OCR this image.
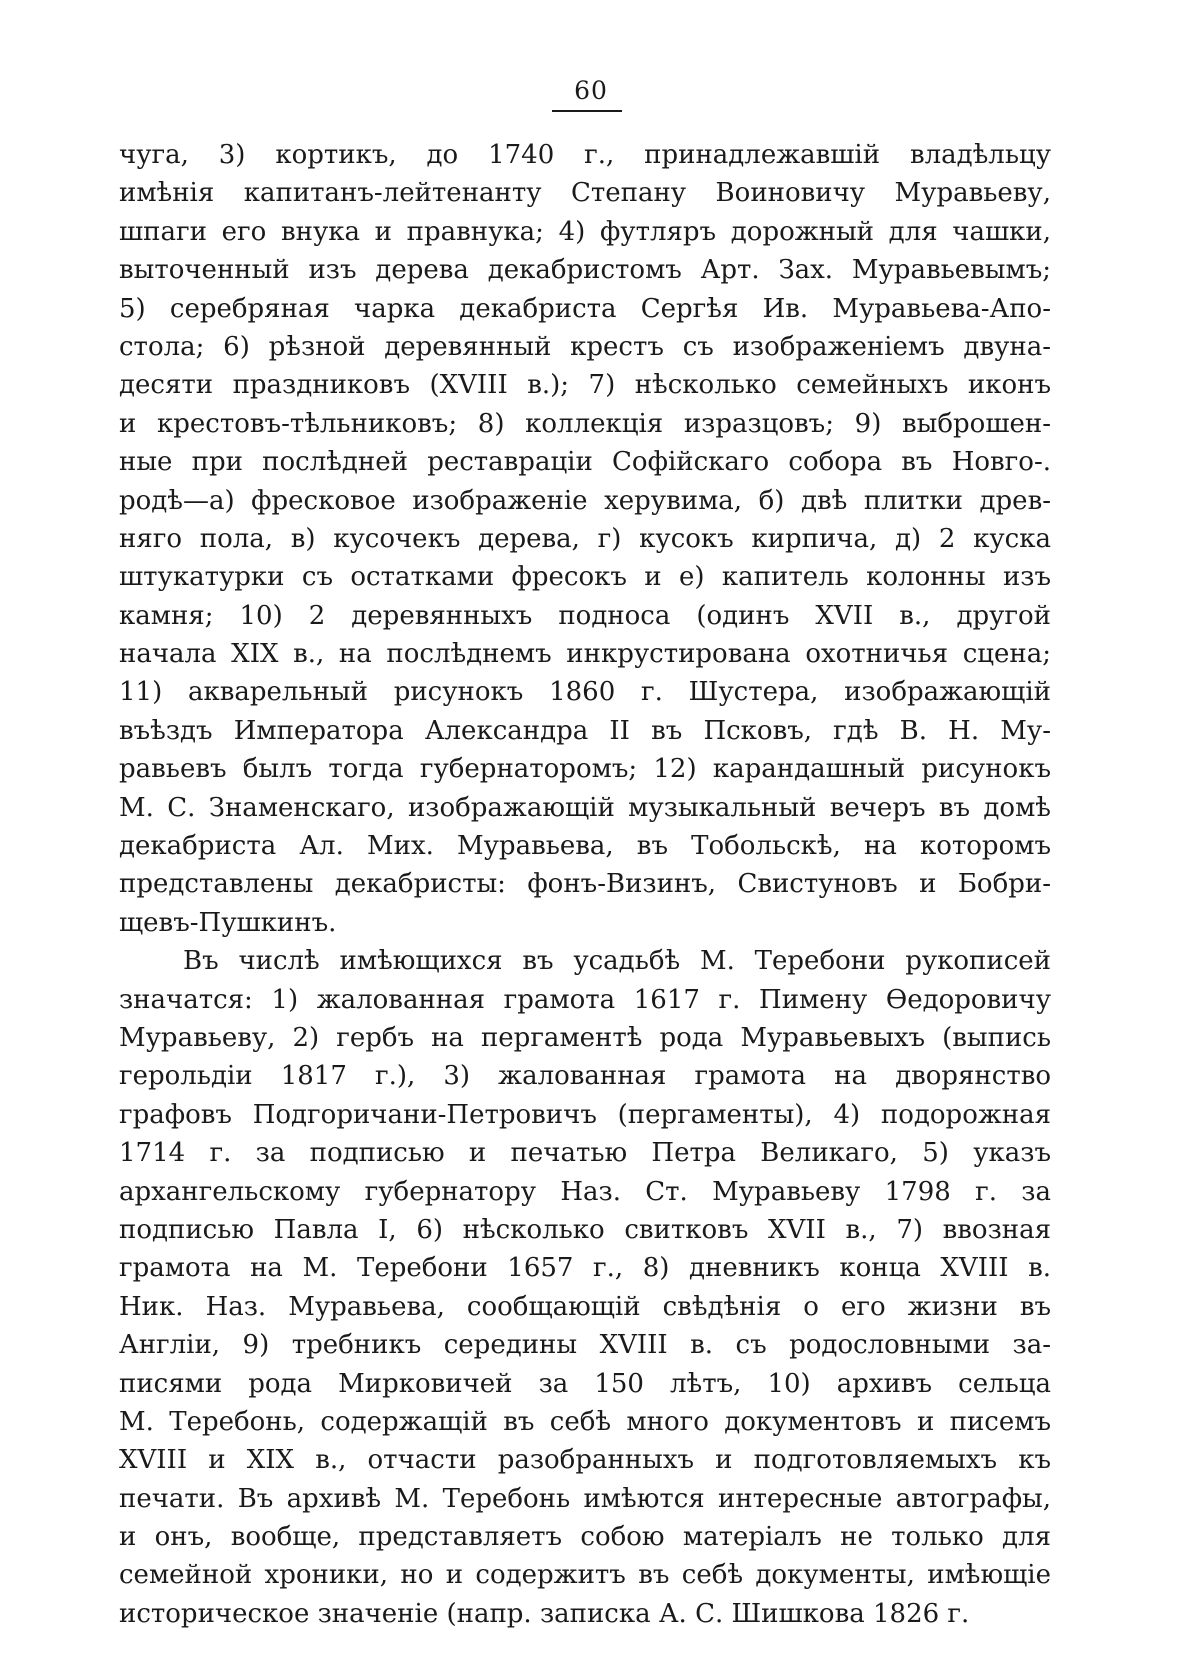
60
чуга, 3) кортикъ, до 1740 г., принадлежавшій владѣльцу
имѣнія капитанъ-лейтенанту Степану Воиновичу Муравьеву,
шпаги его внука и правнука; 4) футляръ дорожный для чашки,
выточенный изъ дерева декабристомъ Арт. Зах. Муравьевымъ;
5) серебряная чарка декабриста Сергѣя Ив. Муравьева-Апо-
стола; 6) рѣзной деревянный крестъ съ изображеніемъ двуна-
десяти праздниковъ (XVIII в.); 7) нѣсколько семейныхъ иконъ
и крестовъ-тѣльниковъ; 8) коллекція изразцовъ; 9) выброшен-
ные при послѣдней реставраціи Софійскаго собора въ Новго-.
родѣ—а) фресковое изображеніе херувима, б) двѣ плитки древ-
няго пола, в) кусочекъ дерева, г) кусокъ кирпича, д) 2 куска
штукатурки съ остатками фресокъ и е) капитель колонны изъ
камня; 10) 2 деревянныхъ подноса (одинъ XVII в., другой
начала XIX в., на послѣднемъ инкрустирована охотничья сцена;
11) акварельный рисунокъ 1860 г. Шустера, изображающій
въѣздъ Императора Александра II въ Псковъ, гдѣ В. Н. Му-
равьевъ былъ тогда губернаторомъ; 12) карандашный рисунокъ
М. С. Знаменскаго, изображающій музыкальный вечеръ въ домѣ
декабриста Ал. Мих. Муравьева, въ Тобольскѣ, на которомъ
представлены декабристы: фонъ-Визинъ, Свистуновъ и Бобри-
щевъ-Пушкинъ.
Въ числѣ имѣющихся въ усадьбѣ М. Теребони рукописей
значатся: 1) жалованная грамота 1617 г. Пимену Ѳедоровичу
Муравьеву, 2) гербъ на пергаментѣ рода Муравьевыхъ (выпись
герольдіи 1817 г.), 3) жалованная грамота на дворянство
графовъ Подгоричани-Петровичъ (пергаменты), 4) подорожная
1714 г. за подписью и печатью Петра Великаго, 5) указъ
архангельскому губернатору Наз. Ст. Муравьеву 1798 г. за
подписью Павла I, 6) нѣсколько свитковъ XVII в., 7) ввозная
грамота на М. Теребони 1657 г., 8) дневникъ конца XVIII в.
Ник. Наз. Муравьева, сообщающій свѣдѣнія о его жизни въ
Англіи, 9) требникъ середины XVIII в. съ родословными за-
писями рода Мирковичей за 150 лѣтъ, 10) архивъ сельца
М. Теребонь, содержащій въ себѣ много документовъ и писемъ
XVIII и XIX в., отчасти разобранныхъ и подготовляемыхъ къ
печати. Въ архивѣ М. Теребонь имѣются интересные автографы,
и онъ, вообще, представляетъ собою матеріалъ не только для
семейной хроники, но и содержитъ въ себѣ документы, имѣющіе
историческое значеніе (напр. записка А. С. Шишкова 1826 г.
